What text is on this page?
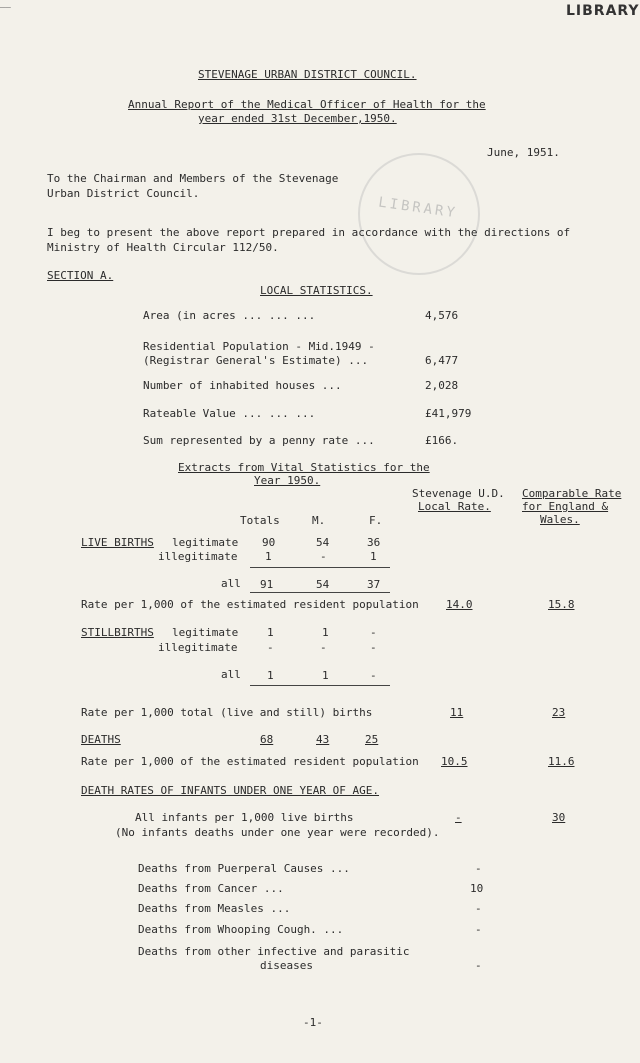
——	LIBRARY
LIBRARY
STEVENAGE URBAN DISTRICT COUNCIL.
Annual Report of the Medical Officer of Health for the
year ended 31st December,1950.
June, 1951.
To the Chairman and Members of the Stevenage
Urban District Council.
I beg to present the above report prepared in accordance with the directions of
Ministry of Health Circular 112/50.
SECTION A.
LOCAL STATISTICS.
Area (in acres ... ... ...	4,576
Residential Population - Mid.1949 -
(Registrar General's Estimate) ...	6,477
Number of inhabited houses ...	2,028
Rateable Value ... ... ...	£41,979
Sum represented by a penny rate ...	£166.
Extracts from Vital Statistics for the
Year 1950.
Stevenage U.D.
Local Rate.
Comparable Rate
for England &
Wales.
Totals	M.	F.
LIVE BIRTHS legitimate 90	54	36
illegitimate	1	-	1
all 91	54	37
Rate per 1,000 of the estimated resident population 14.0	15.8
STILLBIRTHS legitimate	1	1	-
illegitimate	-	-	-
all 1	1	-
Rate per 1,000 total (live and still) births	11	23
DEATHS	68	43	25
Rate per 1,000 of the estimated resident population 10.5	11.6
DEATH RATES OF INFANTS UNDER ONE YEAR OF AGE.
All infants per 1,000 live births	-	30
(No infants deaths under one year were recorded).
Deaths from Puerperal Causes ...	-
Deaths from Cancer ...	10
Deaths from Measles ...	-
Deaths from Whooping Cough. ...	-
Deaths from other infective and parasitic
diseases	-
-1-
